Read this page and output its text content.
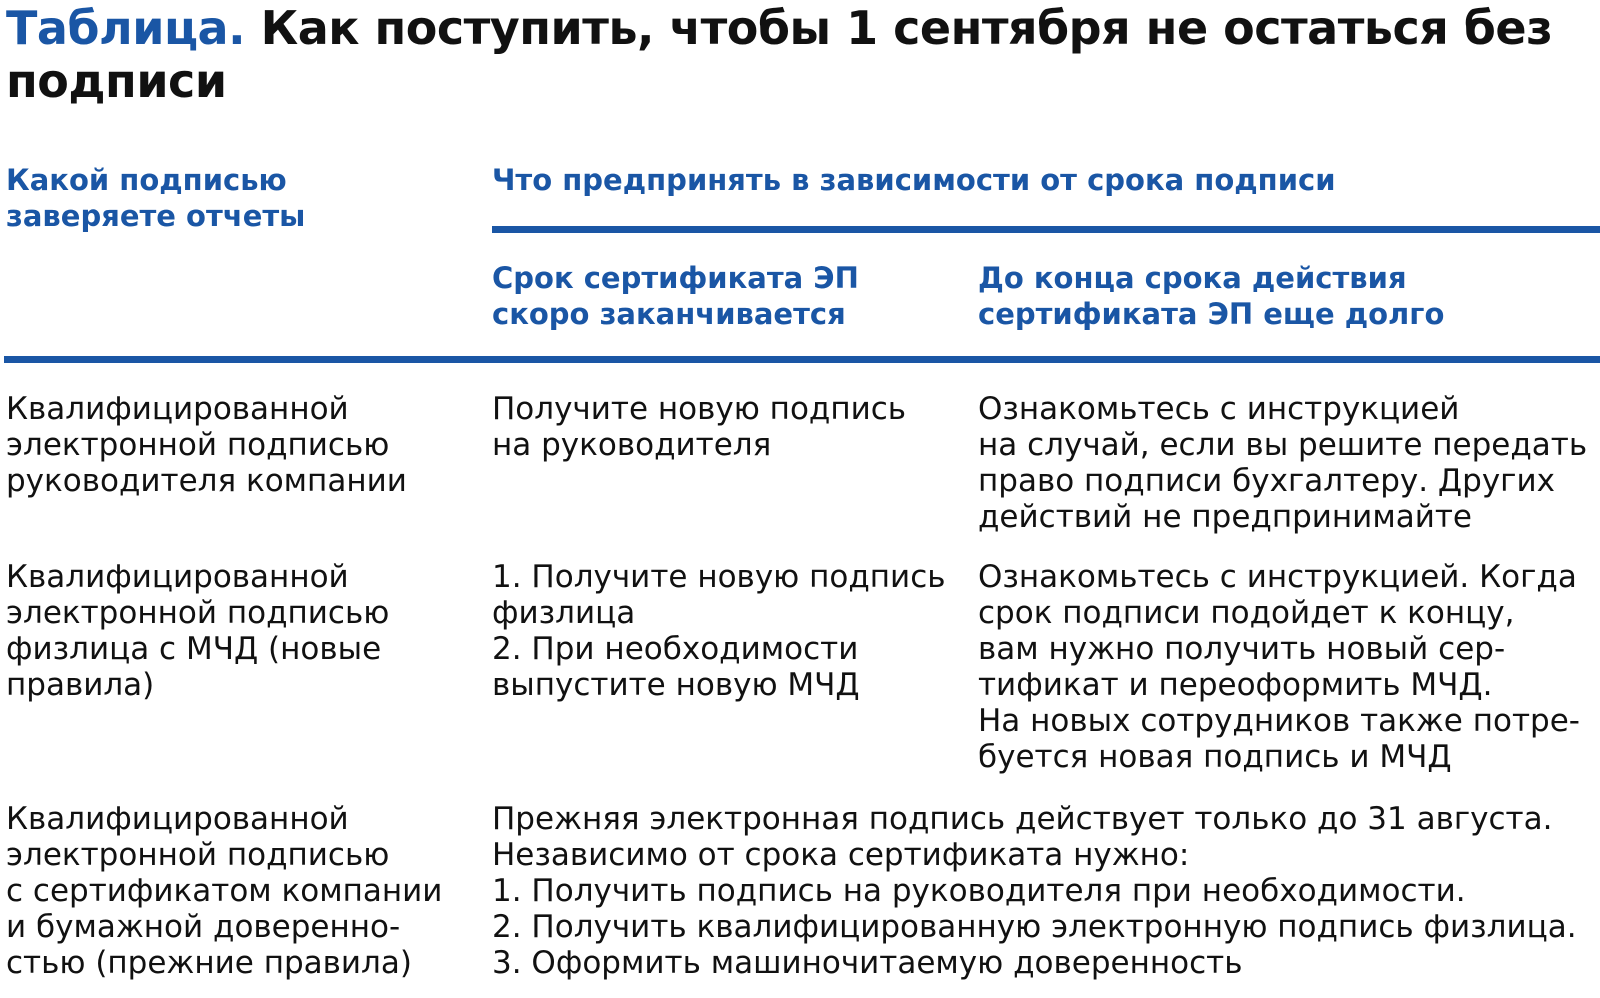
Таблица. Как поступить, чтобы 1 сентября не остаться без подписи
Какой подписью
заверяете отчеты
Что предпринять в зависимости от срока подписи
Срок сертификата ЭП
скоро заканчивается
До конца срока действия
сертификата ЭП еще долго
Квалифицированной
электронной подписью
руководителя компании
Получите новую подпись
на руководителя
Ознакомьтесь с инструкцией
на случай, если вы решите передать
право подписи бухгалтеру. Других
действий не предпринимайте
Квалифицированной
электронной подписью
физлица с МЧД (новые
правила)
1. Получите новую подпись
физлица
2. При необходимости
выпустите новую МЧД
Ознакомьтесь с инструкцией. Когда
срок подписи подойдет к концу,
вам нужно получить новый сер-
тификат и переоформить МЧД.
На новых сотрудников также потре-
буется новая подпись и МЧД
Квалифицированной
электронной подписью
с сертификатом компании
и бумажной доверенно-
стью (прежние правила)
Прежняя электронная подпись действует только до 31 августа.
Независимо от срока сертификата нужно:
1. Получить подпись на руководителя при необходимости.
2. Получить квалифицированную электронную подпись физлица.
3. Оформить машиночитаемую доверенность
